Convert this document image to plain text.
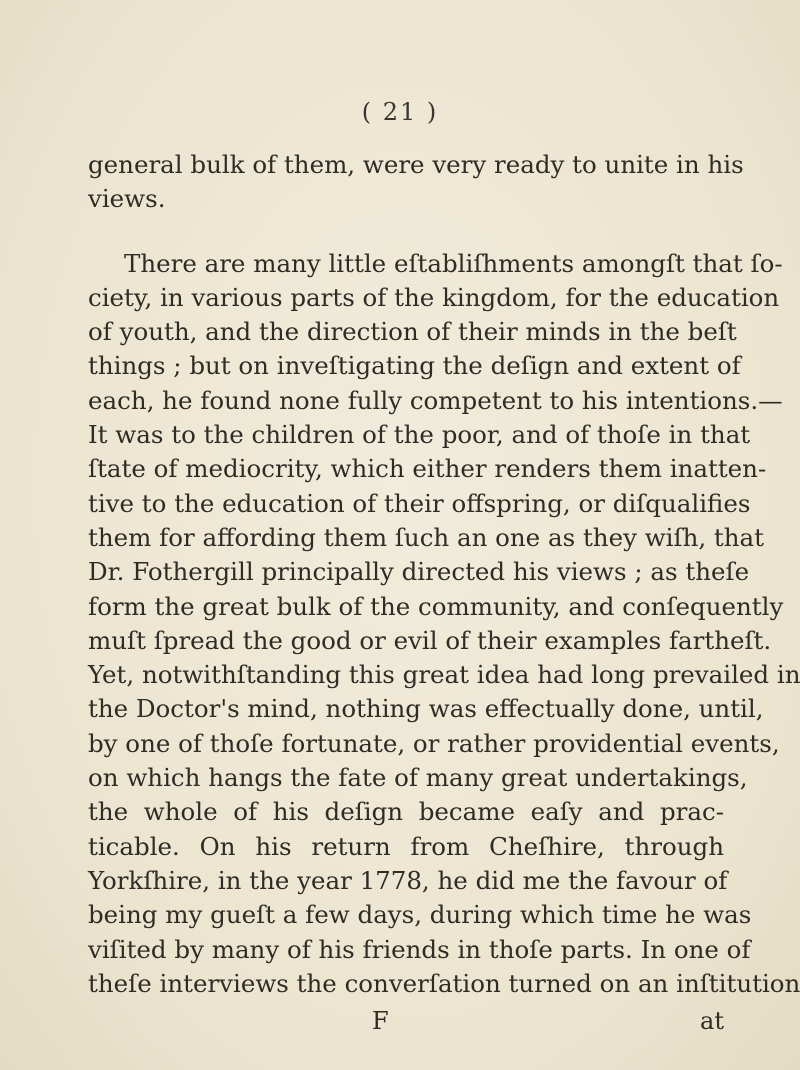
( 21 )
general bulk of them, were very ready to unite in his
views.
There are many little eſtabliſhments amongſt that ſo-
ciety, in various parts of the kingdom, for the education
of youth, and the direction of their minds in the beſt
things ; but on inveſtigating the deſign and extent of
each, he found none fully competent to his intentions.—
It was to the children of the poor, and of thoſe in that
ſtate of mediocrity, which either renders them inatten-
tive to the education of their offspring, or diſqualifies
them for affording them ſuch an one as they wiſh, that
Dr. Fothergill principally directed his views ; as theſe
form the great bulk of the community, and conſequently
muſt ſpread the good or evil of their examples fartheſt.
Yet, notwithſtanding this great idea had long prevailed in
the Doctor's mind, nothing was effectually done, until,
by one of thoſe fortunate, or rather providential events,
on which hangs the fate of many great undertakings,
the whole of his deſign became eaſy and prac-
ticable. On his return from Cheſhire, through
Yorkſhire, in the year 1778, he did me the favour of
being my gueſt a few days, during which time he was
viſited by many of his friends in thoſe parts. In one of
theſe interviews the converſation turned on an inſtitution
F	at
